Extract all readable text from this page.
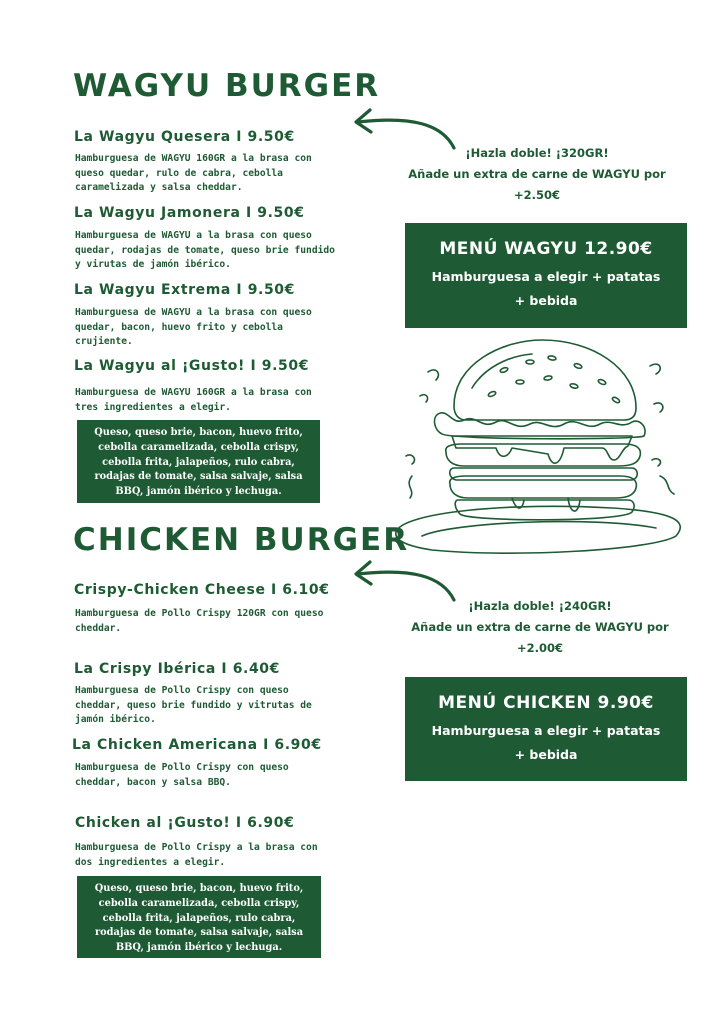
WAGYU BURGER
La Wagyu Quesera I 9.50€
Hamburguesa de WAGYU 160GR a la brasa con queso quedar, rulo de cabra, cebolla caramelizada y salsa cheddar.
La Wagyu Jamonera I 9.50€
Hamburguesa de WAGYU a la brasa con queso quedar, rodajas de tomate, queso brie fundido y virutas de jamón ibérico.
La Wagyu Extrema I 9.50€
Hamburguesa de WAGYU a la brasa con queso quedar, bacon, huevo frito y cebolla crujiente.
La Wagyu al ¡Gusto! I 9.50€
Hamburguesa de WAGYU 160GR a la brasa con tres ingredientes a elegir.
Queso, queso brie, bacon, huevo frito, cebolla caramelizada, cebolla crispy, cebolla frita, jalapeños, rulo cabra, rodajas de tomate, salsa salvaje, salsa BBQ, jamón ibérico y lechuga.
¡Hazla doble! ¡320GR!
Añade un extra de carne de WAGYU por
+2.50€
MENÚ WAGYU 12.90€
Hamburguesa a elegir + patatas
+ bebida
CHICKEN BURGER
Crispy-Chicken Cheese I 6.10€
Hamburguesa de Pollo Crispy 120GR con queso cheddar.
La Crispy Ibérica I 6.40€
Hamburguesa de Pollo Crispy con queso cheddar, queso brie fundido y vitrutas de jamón ibérico.
La Chicken Americana I 6.90€
Hamburguesa de Pollo Crispy con queso cheddar, bacon y salsa BBQ.
Chicken al ¡Gusto! I 6.90€
Hamburguesa de Pollo Crispy a la brasa con dos ingredientes a elegir.
Queso, queso brie, bacon, huevo frito, cebolla caramelizada, cebolla crispy, cebolla frita, jalapeños, rulo cabra, rodajas de tomate, salsa salvaje, salsa BBQ, jamón ibérico y lechuga.
¡Hazla doble! ¡240GR!
Añade un extra de carne de WAGYU por
+2.00€
MENÚ CHICKEN 9.90€
Hamburguesa a elegir + patatas
+ bebida
